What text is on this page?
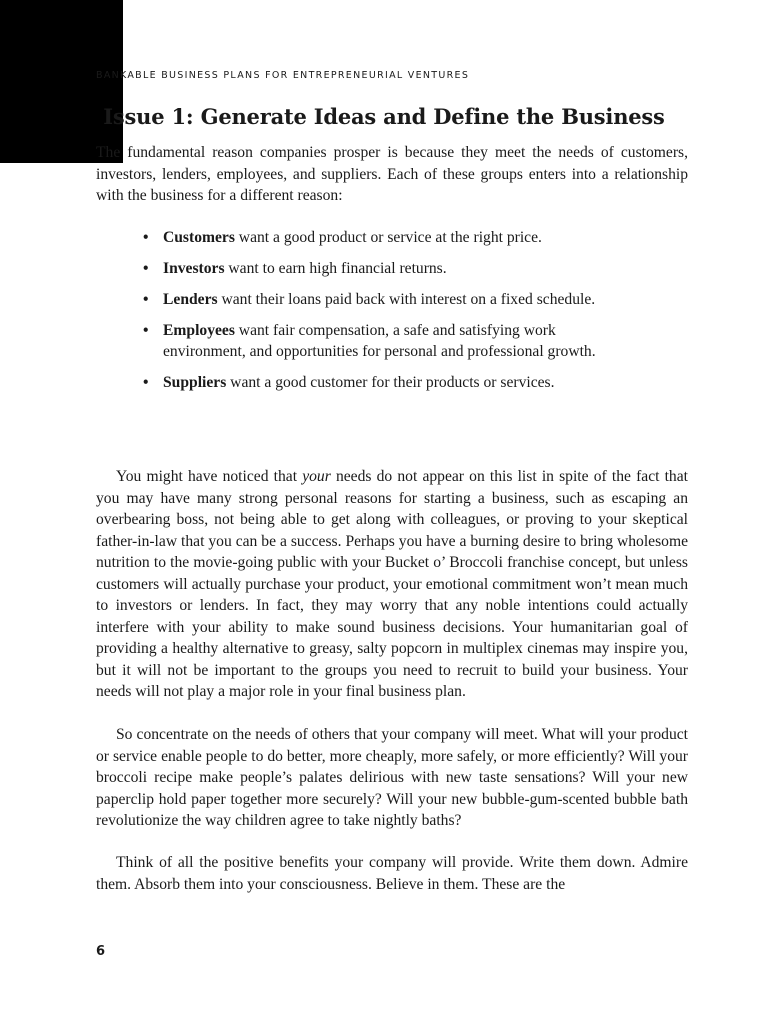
BANKABLE BUSINESS PLANS FOR ENTREPRENEURIAL VENTURES
Issue 1: Generate Ideas and Define the Business

The fundamental reason companies prosper is because they meet the needs of customers, investors, lenders, employees, and suppliers. Each of these groups enters into a relationship with the business for a different reason:

• Customers want a good product or service at the right price.
• Investors want to earn high financial returns.
• Lenders want their loans paid back with interest on a fixed schedule.
• Employees want fair compensation, a safe and satisfying work environment, and opportunities for personal and professional growth.
• Suppliers want a good customer for their products or services.

You might have noticed that your needs do not appear on this list in spite of the fact that you may have many strong personal reasons for starting a business, such as escaping an overbearing boss, not being able to get along with colleagues, or proving to your skeptical father-in-law that you can be a success. Perhaps you have a burning desire to bring wholesome nutrition to the movie-going public with your Bucket o’ Broccoli franchise concept, but unless customers will actually purchase your product, your emotional commitment won’t mean much to investors or lenders. In fact, they may worry that any noble intentions could actually interfere with your ability to make sound business decisions. Your humanitarian goal of providing a healthy alternative to greasy, salty popcorn in multiplex cinemas may inspire you, but it will not be important to the groups you need to recruit to build your business. Your needs will not play a major role in your final business plan.

So concentrate on the needs of others that your company will meet. What will your product or service enable people to do better, more cheaply, more safely, or more efficiently? Will your broccoli recipe make people’s palates delirious with new taste sensations? Will your new paperclip hold paper together more securely? Will your new bubble-gum-scented bubble bath revolutionize the way children agree to take nightly baths?

Think of all the positive benefits your company will provide. Write them down. Admire them. Absorb them into your consciousness. Believe in them. These are the

6
